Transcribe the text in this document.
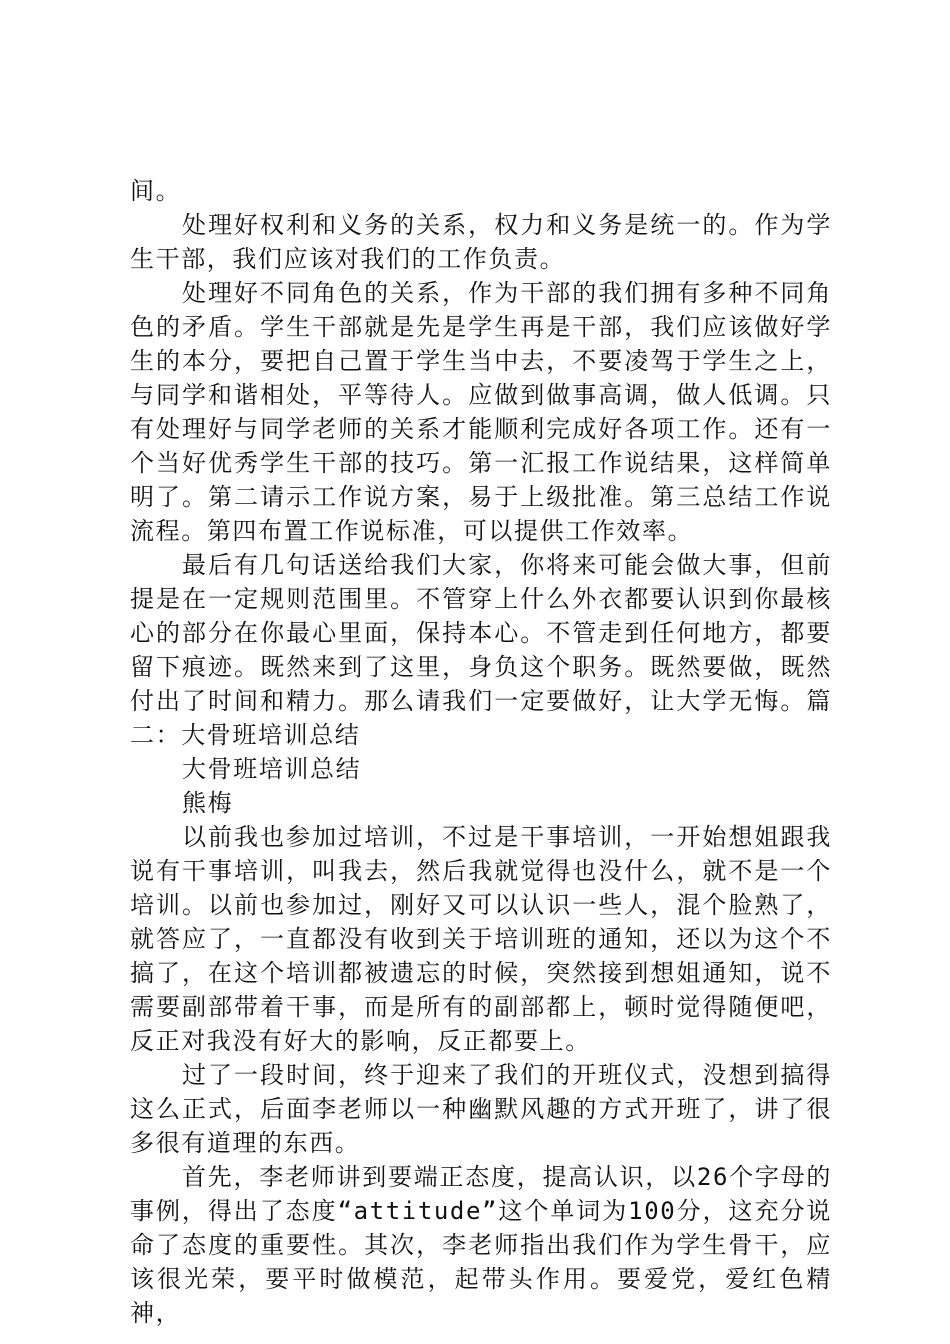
间。

处理好权利和义务的关系，权力和义务是统一的。作为学生干部，我们应该对我们的工作负责。

处理好不同角色的关系，作为干部的我们拥有多种不同角色的矛盾。学生干部就是先是学生再是干部，我们应该做好学生的本分，要把自己置于学生当中去，不要凌驾于学生之上，与同学和谐相处，平等待人。应做到做事高调，做人低调。只有处理好与同学老师的关系才能顺利完成好各项工作。还有一个当好优秀学生干部的技巧。第一汇报工作说结果，这样简单明了。第二请示工作说方案，易于上级批准。第三总结工作说流程。第四布置工作说标准，可以提供工作效率。

最后有几句话送给我们大家，你将来可能会做大事，但前提是在一定规则范围里。不管穿上什么外衣都要认识到你最核心的部分在你最心里面，保持本心。不管走到任何地方，都要留下痕迹。既然来到了这里，身负这个职务。既然要做，既然付出了时间和精力。那么请我们一定要做好，让大学无悔。篇二：大骨班培训总结

大骨班培训总结

熊梅

以前我也参加过培训，不过是干事培训，一开始想姐跟我说有干事培训，叫我去，然后我就觉得也没什么，就不是一个培训。以前也参加过，刚好又可以认识一些人，混个脸熟了，就答应了，一直都没有收到关于培训班的通知，还以为这个不搞了，在这个培训都被遗忘的时候，突然接到想姐通知，说不需要副部带着干事，而是所有的副部都上，顿时觉得随便吧，反正对我没有好大的影响，反正都要上。

过了一段时间，终于迎来了我们的开班仪式，没想到搞得这么正式，后面李老师以一种幽默风趣的方式开班了，讲了很多很有道理的东西。

首先，李老师讲到要端正态度，提高认识，以26个字母的事例，得出了态度“attitude”这个单词为100分，这充分说命了态度的重要性。其次，李老师指出我们作为学生骨干，应该很光荣，要平时做模范，起带头作用。要爱党，爱红色精神，
